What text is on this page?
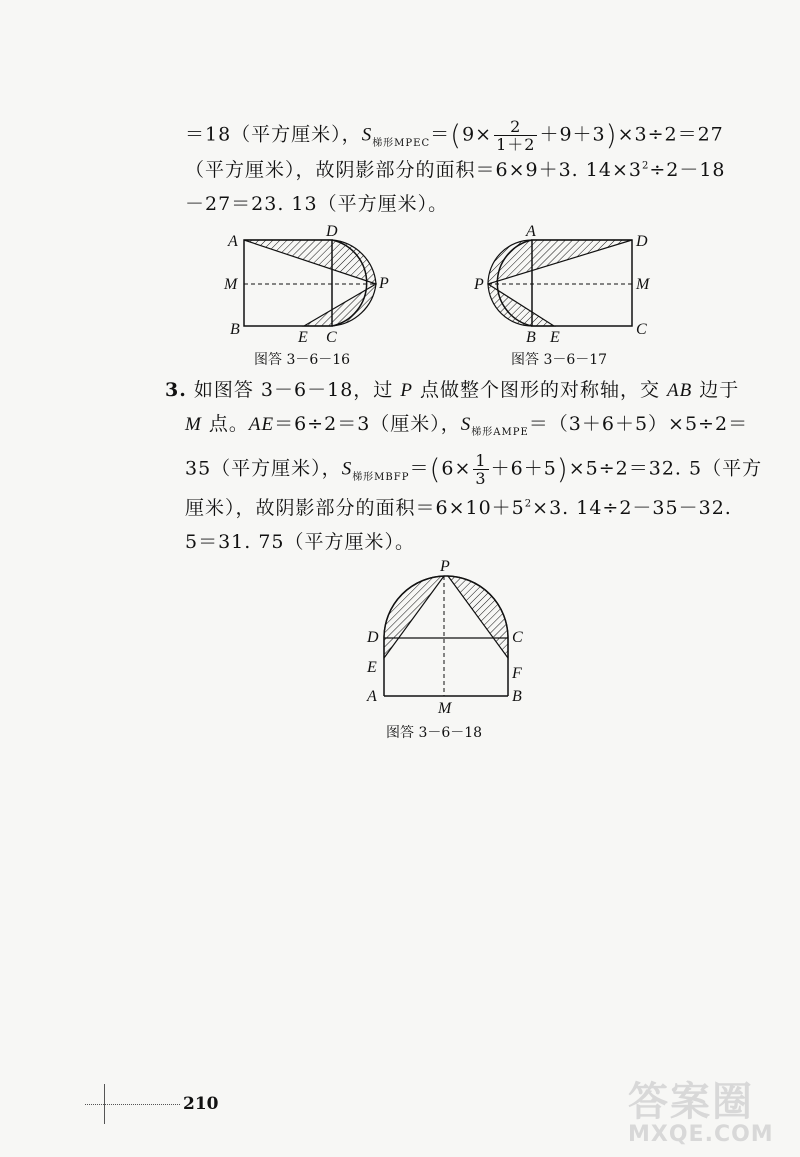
＝18（平方厘米），$S_{梯形MPEC}=(9\times \frac{2}{1+2} +9+3)\times 3\div 2=27$
（平方厘米），故阴影部分的面积＝6×9＋3. $14\times 3^2\div 2-18$
－27＝23. 13（平方厘米）。
A
D
M	P
B	E C
图答 3－6－16
A
D
P	M
B E	C
图答 3－6－17
3. 如图答 3－6－18，过 P 点做整个图形的对称轴，交 AB 边于
M 点。AE＝6÷2＝3（厘米），$S_{梯形AMPE}=(3+6+5)\times 5\div 2=$
35（平方厘米），$S_{梯形MBFP}=(6\times \frac{1}{3} +6+5)\times 5\div 2=32$. 5（平方
厘米），故阴影部分的面积$=6\times 10+5^2\times 3$. 14÷2－35－32.
5＝31. 75（平方厘米）。
P
D	C
E	F
A
M
B
图答 3－6－18
210	答案圈
MXQE.COM
